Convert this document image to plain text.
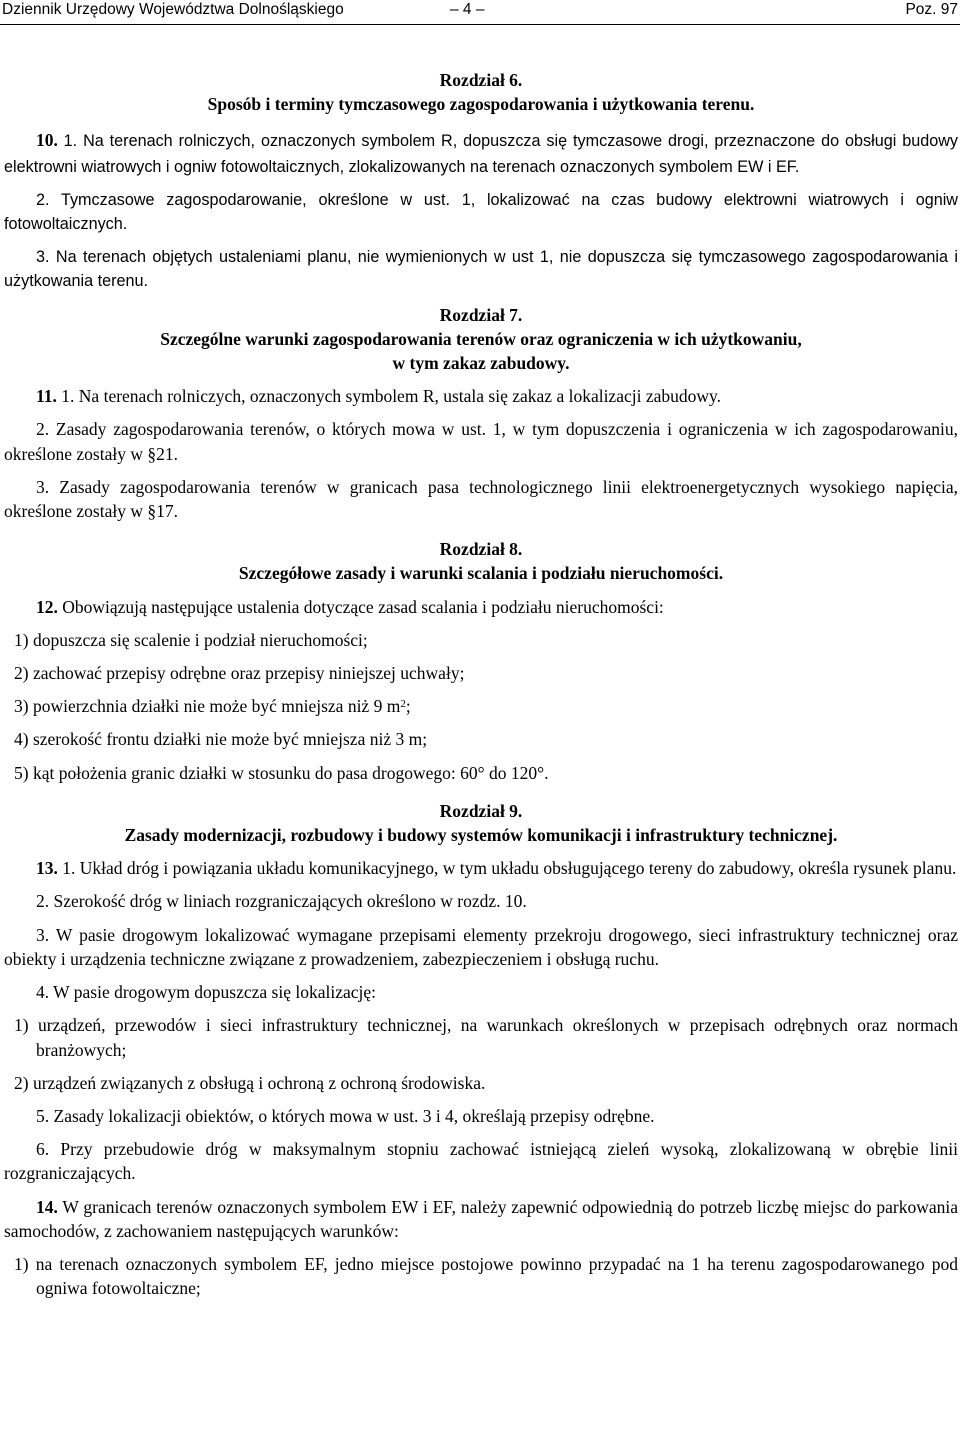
Dziennik Urzędowy Województwa Dolnośląskiego	– 4 –	Poz. 97
Rozdział 6.
Sposób i terminy tymczasowego zagospodarowania i użytkowania terenu.

10. 1. Na terenach rolniczych, oznaczonych symbolem R, dopuszcza się tymczasowe drogi, przeznaczone do obsługi budowy elektrowni wiatrowych i ogniw fotowoltaicznych, zlokalizowanych na terenach oznaczonych symbolem EW i EF.

2. Tymczasowe zagospodarowanie, określone w ust. 1, lokalizować na czas budowy elektrowni wiatrowych i ogniw fotowoltaicznych.

3. Na terenach objętych ustaleniami planu, nie wymienionych w ust 1, nie dopuszcza się tymczasowego zagospodarowania i użytkowania terenu.

Rozdział 7.
Szczególne warunki zagospodarowania terenów oraz ograniczenia w ich użytkowaniu,
w tym zakaz zabudowy.

11. 1. Na terenach rolniczych, oznaczonych symbolem R, ustala się zakaz a lokalizacji zabudowy.

2. Zasady zagospodarowania terenów, o których mowa w ust. 1, w tym dopuszczenia i ograniczenia w ich zagospodarowaniu, określone zostały w §21.

3. Zasady zagospodarowania terenów w granicach pasa technologicznego linii elektroenergetycznych wysokiego napięcia, określone zostały w §17.

Rozdział 8.
Szczegółowe zasady i warunki scalania i podziału nieruchomości.

12. Obowiązują następujące ustalenia dotyczące zasad scalania i podziału nieruchomości:

1) dopuszcza się scalenie i podział nieruchomości;

2) zachować przepisy odrębne oraz przepisy niniejszej uchwały;

3) powierzchnia działki nie może być mniejsza niż 9 $m^2$;

4) szerokość frontu działki nie może być mniejsza niż 3 m;

5) kąt położenia granic działki w stosunku do pasa drogowego: 60° do 120°.

Rozdział 9.
Zasady modernizacji, rozbudowy i budowy systemów komunikacji i infrastruktury technicznej.

13. 1. Układ dróg i powiązania układu komunikacyjnego, w tym układu obsługującego tereny do zabudowy, określa rysunek planu.

2. Szerokość dróg w liniach rozgraniczających określono w rozdz. 10.

3. W pasie drogowym lokalizować wymagane przepisami elementy przekroju drogowego, sieci infrastruktury technicznej oraz obiekty i urządzenia techniczne związane z prowadzeniem, zabezpieczeniem i obsługą ruchu.

4. W pasie drogowym dopuszcza się lokalizację:

1) urządzeń, przewodów i sieci infrastruktury technicznej, na warunkach określonych w przepisach odrębnych oraz normach branżowych;

2) urządzeń związanych z obsługą i ochroną z ochroną środowiska.

5. Zasady lokalizacji obiektów, o których mowa w ust. 3 i 4, określają przepisy odrębne.

6. Przy przebudowie dróg w maksymalnym stopniu zachować istniejącą zieleń wysoką, zlokalizowaną w obrębie linii rozgraniczających.

14. W granicach terenów oznaczonych symbolem EW i EF, należy zapewnić odpowiednią do potrzeb liczbę miejsc do parkowania samochodów, z zachowaniem następujących warunków:

1) na terenach oznaczonych symbolem EF, jedno miejsce postojowe powinno przypadać na 1 ha terenu zagospodarowanego pod ogniwa fotowoltaiczne;
